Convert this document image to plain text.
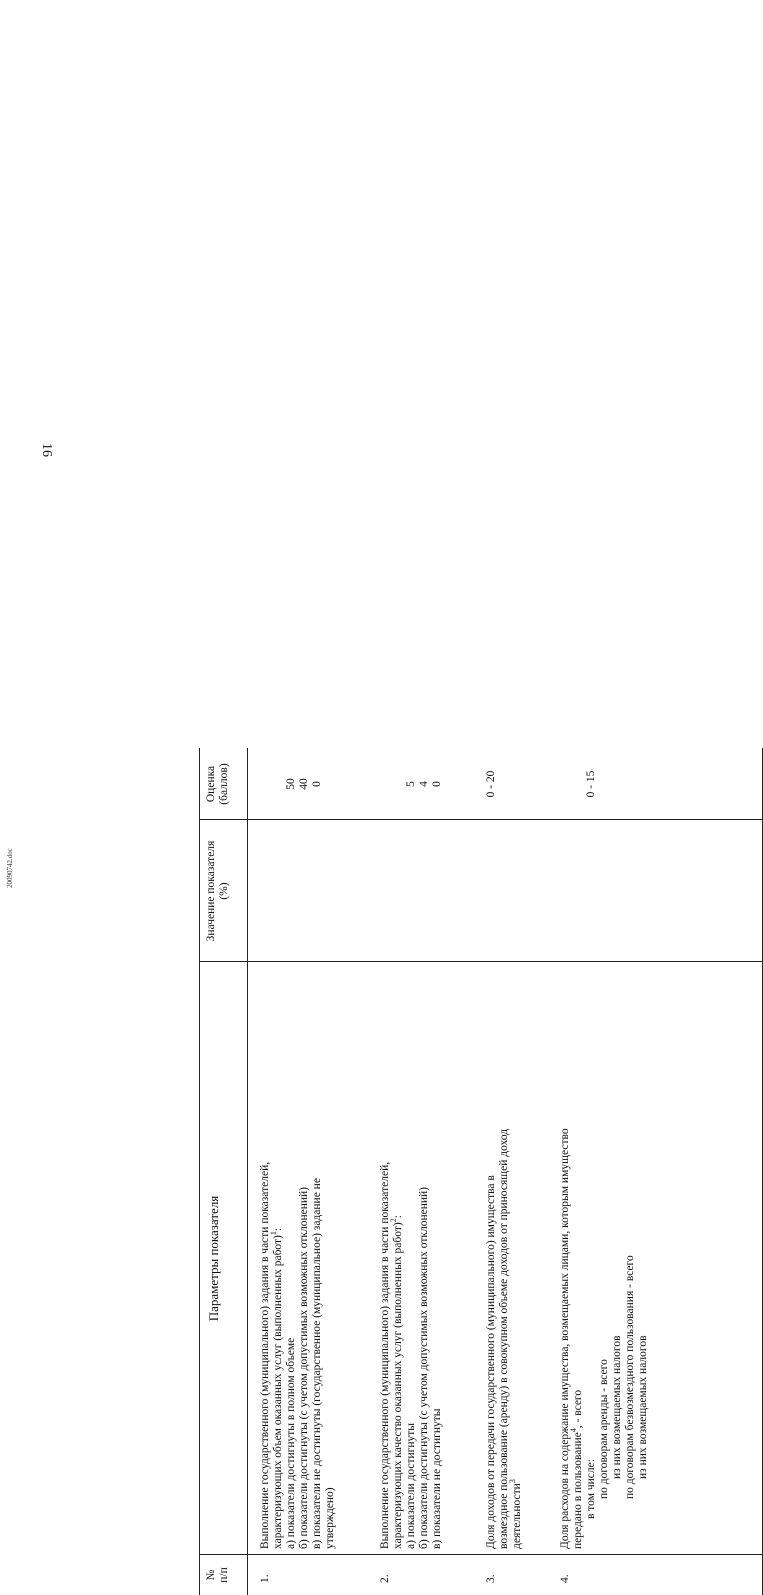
16
20090742.doc
№ п/п
Параметры показателя
Значение показателя (%)
Оценка (баллов)
1.
Выполнение государственного (муниципального) задания в части показателей, характеризующих объем оказанных услуг (выполненных работ)$^1$:
а) показатели достигнуты в полном объеме б) показатели достигнуты (с учетом допустимых возможных отклонений) в) показатели не достигнуты (государственное (муниципальное) задание не утверждено)
50 40 0
2.
Выполнение государственного (муниципального) задания в части показателей, характеризующих качество оказанных услуг (выполненных работ)$^2$:
а) показатели достигнуты б) показатели достигнуты (с учетом допустимых возможных отклонений) в) показатели не достигнуты
5 4 0
3.
Доля доходов от передачи государственного (муниципального) имущества в возмездное пользование (аренду) в совокупном объеме доходов от приносящей доход деятельности$^3$
0 - 20
4.
Доля расходов на содержание имущества, возмещаемых лицами, которым имущество передано в пользование$^4$, - всего
в том числе: по договорам аренды - всего из них возмещаемых налогов по договорам безвозмездного пользования - всего из них возмещаемых налогов
0 - 15
